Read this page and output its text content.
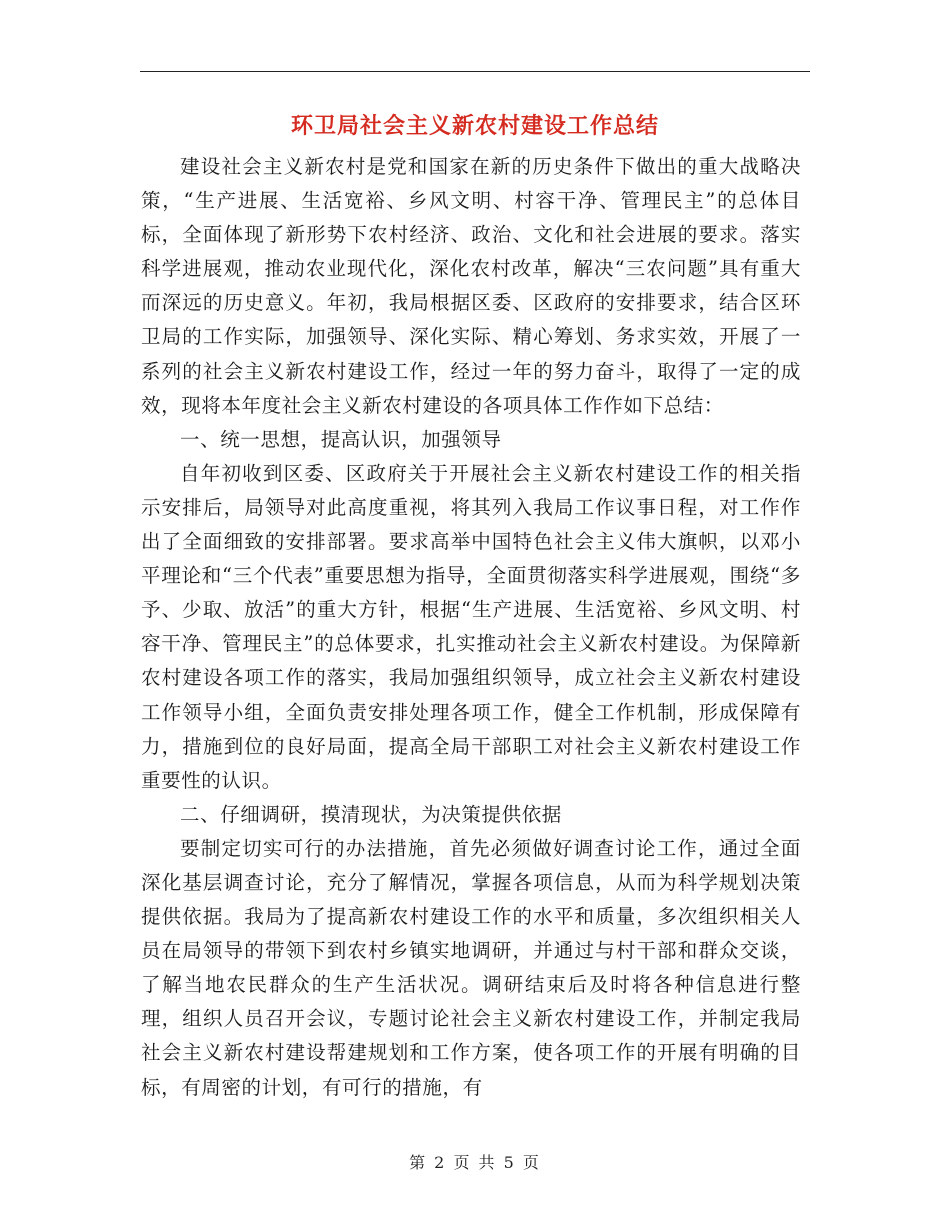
环卫局社会主义新农村建设工作总结

建设社会主义新农村是党和国家在新的历史条件下做出的重大战略决策，“生产进展、生活宽裕、乡风文明、村容干净、管理民主”的总体目标，全面体现了新形势下农村经济、政治、文化和社会进展的要求。落实科学进展观，推动农业现代化，深化农村改革，解决“三农问题”具有重大而深远的历史意义。年初，我局根据区委、区政府的安排要求，结合区环卫局的工作实际，加强领导、深化实际、精心筹划、务求实效，开展了一系列的社会主义新农村建设工作，经过一年的努力奋斗，取得了一定的成效，现将本年度社会主义新农村建设的各项具体工作作如下总结：

一、统一思想，提高认识，加强领导

自年初收到区委、区政府关于开展社会主义新农村建设工作的相关指示安排后，局领导对此高度重视，将其列入我局工作议事日程，对工作作出了全面细致的安排部署。要求高举中国特色社会主义伟大旗帜，以邓小平理论和“三个代表”重要思想为指导，全面贯彻落实科学进展观，围绕“多予、少取、放活”的重大方针，根据“生产进展、生活宽裕、乡风文明、村容干净、管理民主”的总体要求，扎实推动社会主义新农村建设。为保障新农村建设各项工作的落实，我局加强组织领导，成立社会主义新农村建设工作领导小组，全面负责安排处理各项工作，健全工作机制，形成保障有力，措施到位的良好局面，提高全局干部职工对社会主义新农村建设工作重要性的认识。

二、仔细调研，摸清现状，为决策提供依据

要制定切实可行的办法措施，首先必须做好调查讨论工作，通过全面深化基层调查讨论，充分了解情况，掌握各项信息，从而为科学规划决策提供依据。我局为了提高新农村建设工作的水平和质量，多次组织相关人员在局领导的带领下到农村乡镇实地调研，并通过与村干部和群众交谈，了解当地农民群众的生产生活状况。调研结束后及时将各种信息进行整理，组织人员召开会议，专题讨论社会主义新农村建设工作，并制定我局社会主义新农村建设帮建规划和工作方案，使各项工作的开展有明确的目标，有周密的计划，有可行的措施，有

第 2 页 共 5 页
